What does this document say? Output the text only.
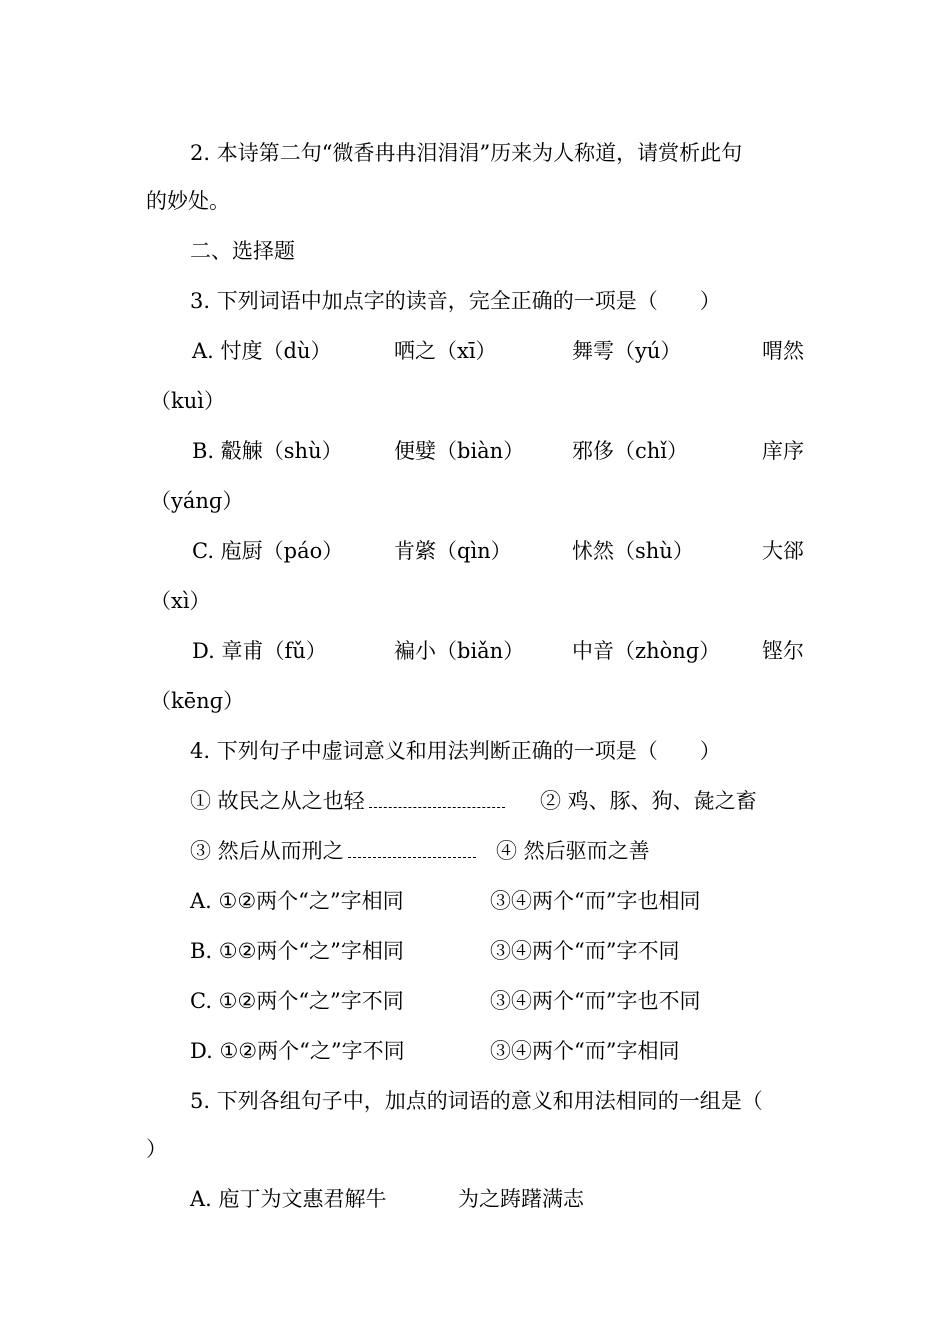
2. 本诗第二句“微香冉冉泪涓涓”历来为人称道，请赏析此句
的妙处。
二、选择题
3. 下列词语中加点字的读音，完全正确的一项是（　　）
A. 忖度（dù）	哂之（xī）	舞雩（yú）	喟然
（kuì）
B. 觳觫（shù） 便嬖（biàn） 邪侈（chǐ）	庠序
（yánɡ）
C. 庖厨（páo） 肯綮（qìn）	怵然（shù）	大郤
（xì）
D. 章甫（fǔ）	褊小（biǎn） 中音（zhònɡ） 铿尔
（kēnɡ）
4. 下列句子中虚词意义和用法判断正确的一项是（　　）
① 故民之从之也轻	② 鸡、豚、狗、彘之畜
③ 然后从而刑之	④ 然后驱而之善
A. ①②两个“之”字相同	③④两个“而”字也相同
B. ①②两个“之”字相同	③④两个“而”字不同
C. ①②两个“之”字不同	③④两个“而”字也不同
D. ①②两个“之”字不同	③④两个“而”字相同
5. 下列各组句子中，加点的词语的意义和用法相同的一组是（
）
A. 庖丁为文惠君解牛	为之踌躇满志
